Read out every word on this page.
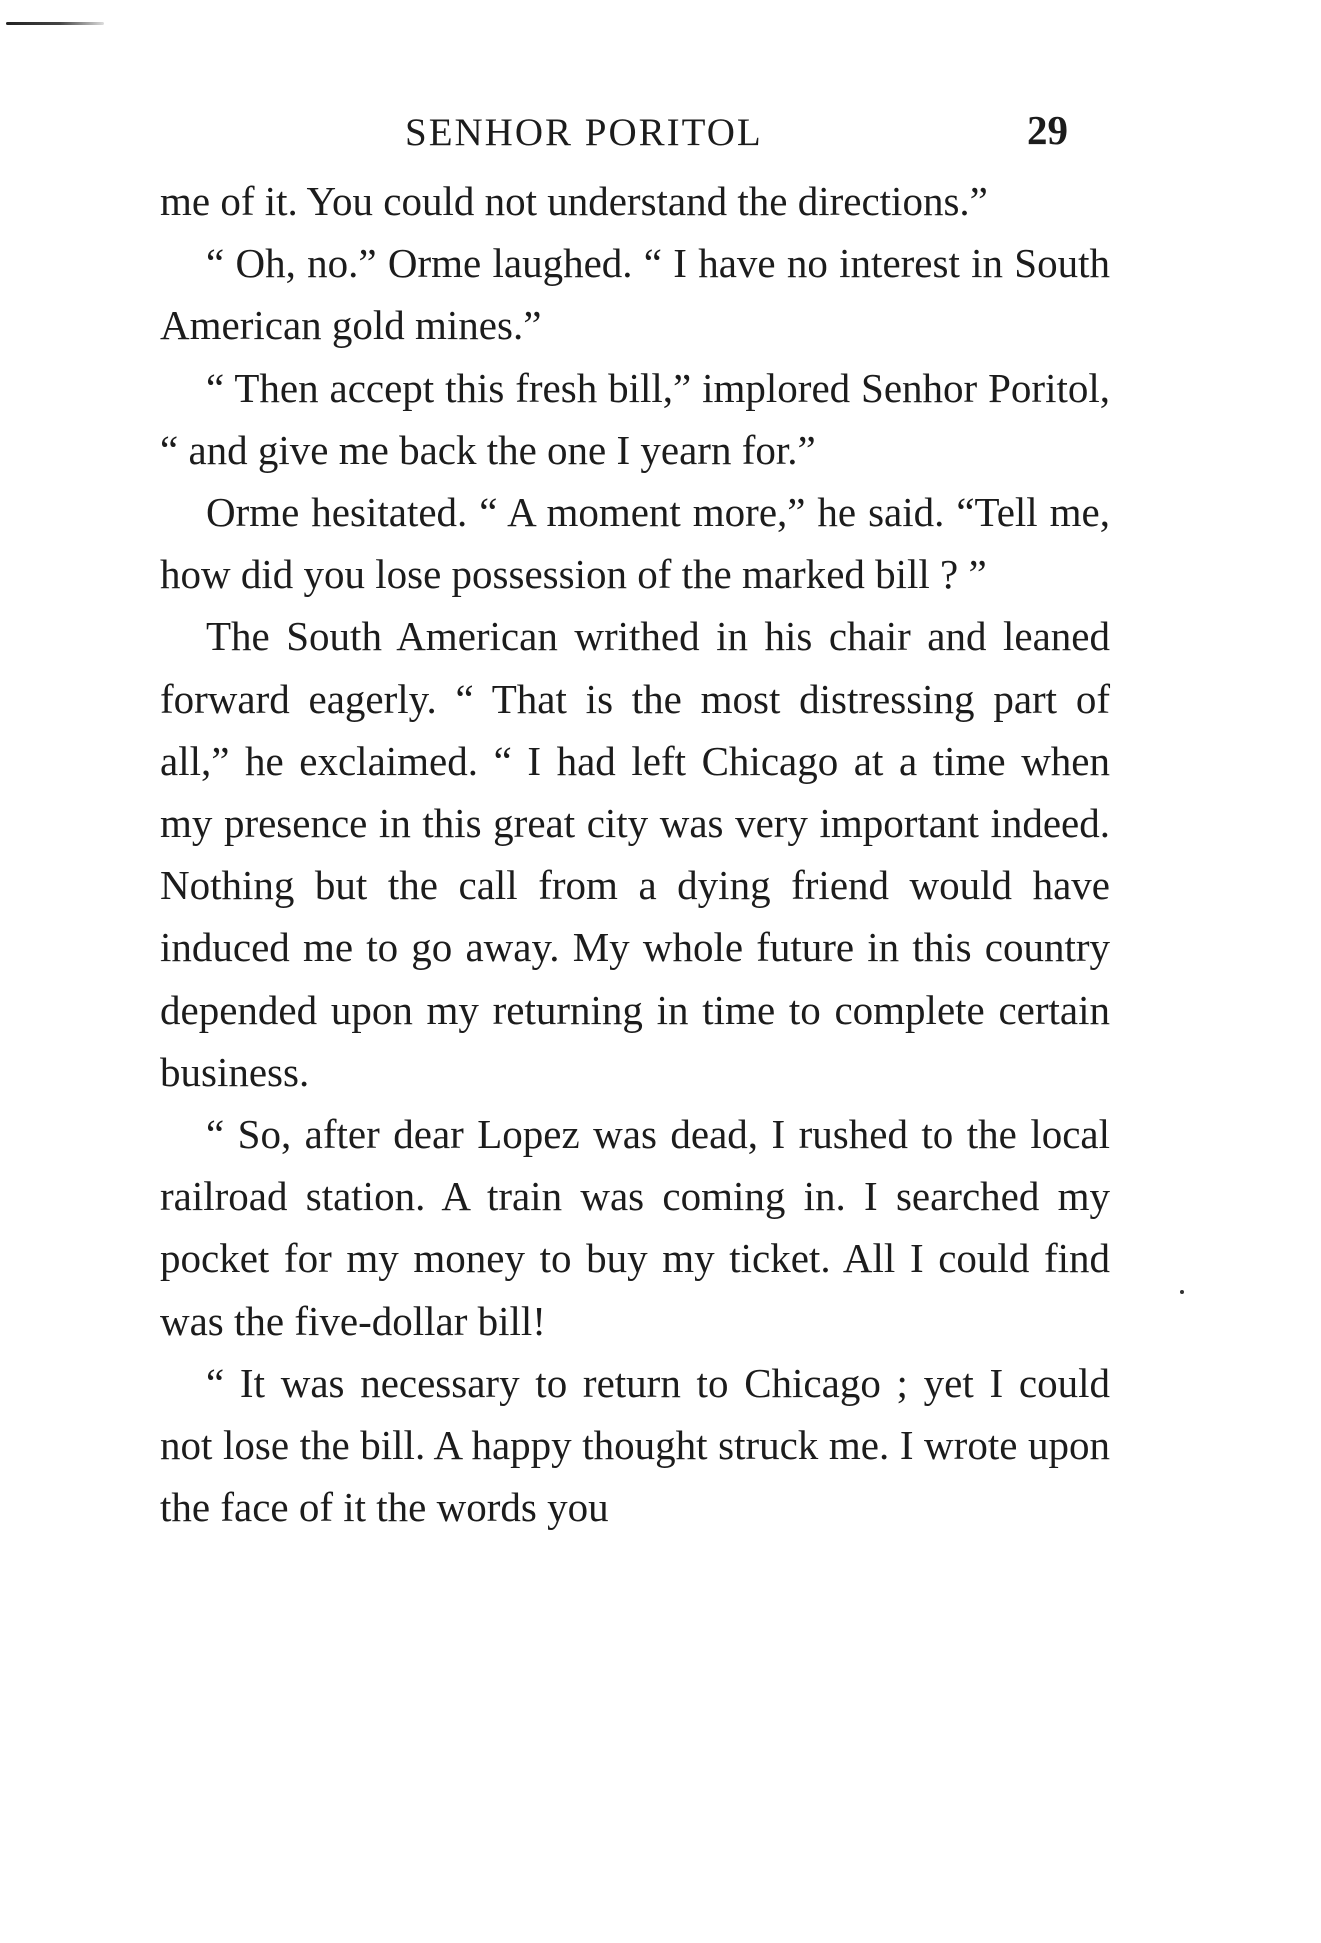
SENHOR PORITOL	29

me of it. You could not understand the directions.”

“ Oh, no.” Orme laughed. “ I have no interest in South American gold mines.”

“ Then accept this fresh bill,” implored Senhor Poritol, “ and give me back the one I yearn for.”

Orme hesitated. “ A moment more,” he said. “Tell me, how did you lose possession of the marked bill ? ”

The South American writhed in his chair and leaned forward eagerly. “ That is the most distressing part of all,” he exclaimed. “ I had left Chicago at a time when my presence in this great city was very important indeed. Nothing but the call from a dying friend would have induced me to go away. My whole future in this country depended upon my returning in time to complete certain business.

“ So, after dear Lopez was dead, I rushed to the local railroad station. A train was coming in. I searched my pocket for my money to buy my ticket. All I could find was the five-dollar bill!

“ It was necessary to return to Chicago ; yet I could not lose the bill. A happy thought struck me. I wrote upon the face of it the words you
